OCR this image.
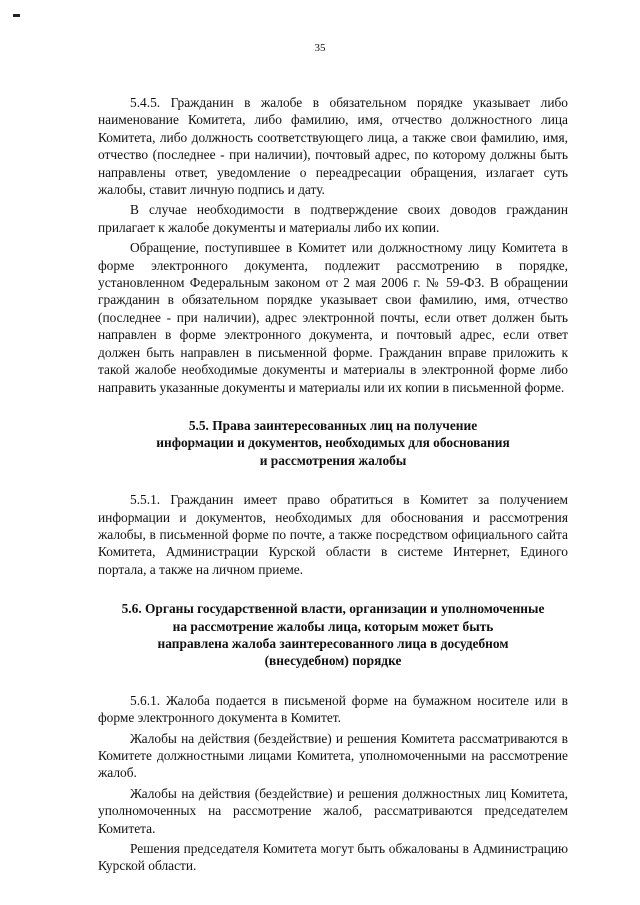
35

5.4.5. Гражданин в жалобе в обязательном порядке указывает либо наименование Комитета, либо фамилию, имя, отчество должностного лица Комитета, либо должность соответствующего лица, а также свои фамилию, имя, отчество (последнее - при наличии), почтовый адрес, по которому должны быть направлены ответ, уведомление о переадресации обращения, излагает суть жалобы, ставит личную подпись и дату.

В случае необходимости в подтверждение своих доводов гражданин прилагает к жалобе документы и материалы либо их копии.

Обращение, поступившее в Комитет или должностному лицу Комитета в форме электронного документа, подлежит рассмотрению в порядке, установленном Федеральным законом от 2 мая 2006 г. № 59-ФЗ. В обращении гражданин в обязательном порядке указывает свои фамилию, имя, отчество (последнее - при наличии), адрес электронной почты, если ответ должен быть направлен в форме электронного документа, и почтовый адрес, если ответ должен быть направлен в письменной форме. Гражданин вправе приложить к такой жалобе необходимые документы и материалы в электронной форме либо направить указанные документы и материалы или их копии в письменной форме.

5.5. Права заинтересованных лиц на получение
информации и документов, необходимых для обоснования
и рассмотрения жалобы

5.5.1. Гражданин имеет право обратиться в Комитет за получением информации и документов, необходимых для обоснования и рассмотрения жалобы, в письменной форме по почте, а также посредством официального сайта Комитета, Администрации Курской области в системе Интернет, Единого портала, а также на личном приеме.

5.6. Органы государственной власти, организации и уполномоченные
на рассмотрение жалобы лица, которым может быть
направлена жалоба заинтересованного лица в досудебном
(внесудебном) порядке

5.6.1. Жалоба подается в письменой форме на бумажном носителе или в форме электронного документа в Комитет.

Жалобы на действия (бездействие) и решения Комитета рассматриваются в Комитете должностными лицами Комитета, уполномоченными на рассмотрение жалоб.

Жалобы на действия (бездействие) и решения должностных лиц Комитета, уполномоченных на рассмотрение жалоб, рассматриваются председателем Комитета.

Решения председателя Комитета могут быть обжалованы в Администрацию Курской области.
